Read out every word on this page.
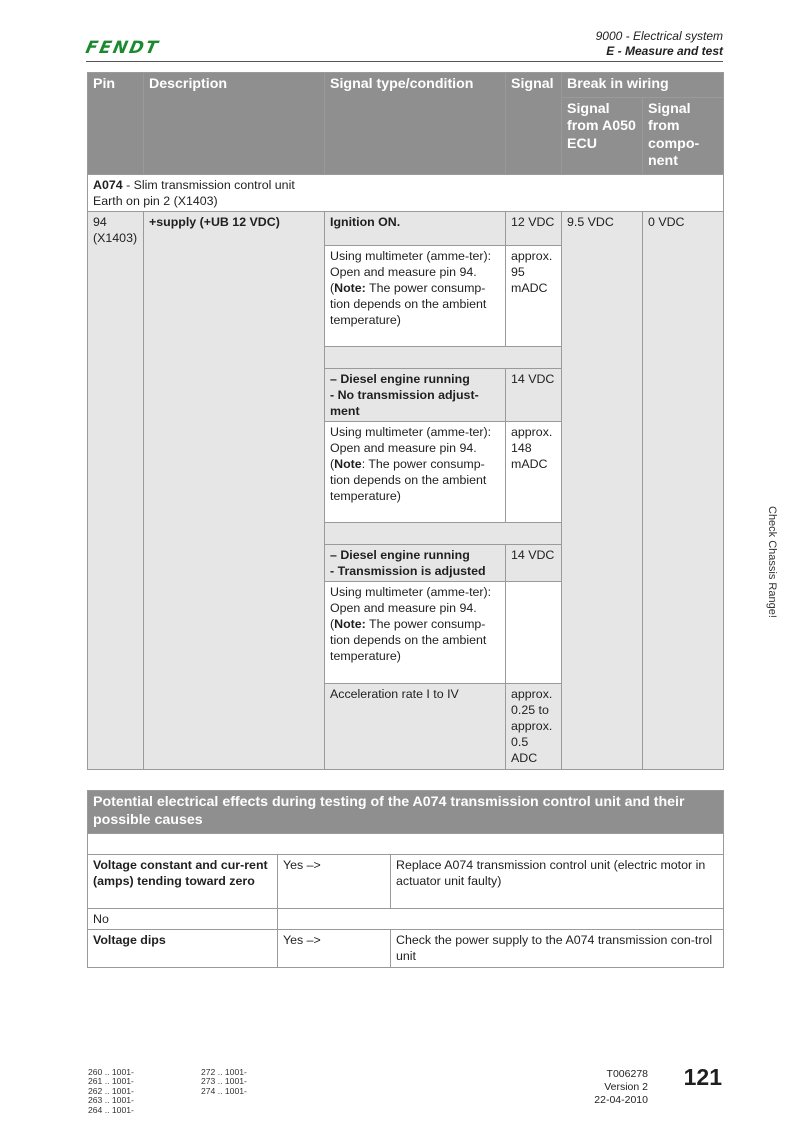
FENDT
9000 - Electrical system
E - Measure and test
Pin	Description	Signal type/condition	Signal	Break in wiring	
				Signal from A050 ECU	Signal from compo-nent
A074 - Slim transmission control unit
Earth on pin 2 (X1403)					
94
(X1403)	+supply (+UB 12 VDC)	Ignition ON.	12 VDC	9.5 VDC	0 VDC
		Using multimeter (amme-ter):
Open and measure pin 94.
(Note: The power consump-tion depends on the ambient temperature)	approx. 95 mADC		

		– Diesel engine running
- No transmission adjust-ment	14 VDC		
		Using multimeter (amme-ter):
Open and measure pin 94.
(Note: The power consump-tion depends on the ambient temperature)	approx. 148 mADC		

		– Diesel engine running
- Transmission is adjusted	14 VDC		
		Using multimeter (amme-ter):
Open and measure pin 94.
(Note: The power consump-tion depends on the ambient temperature)			
		Acceleration rate I to IV	approx. 0.25 to approx. 0.5 ADC		
Potential electrical effects during testing of the A074 transmission control unit and their possible causes		

Voltage constant and cur-rent (amps) tending toward zero	Yes –>	Replace A074 transmission control unit (electric motor in actuator unit faulty)
No		
Voltage dips	Yes –>	Check the power supply to the A074 transmission con-trol unit
Check Chassis Range!
260 .. 1001-
261 .. 1001-
262 .. 1001-
263 .. 1001-
264 .. 1001-
272 .. 1001-
273 .. 1001-
274 .. 1001-
T006278
Version 2
22-04-2010
121
